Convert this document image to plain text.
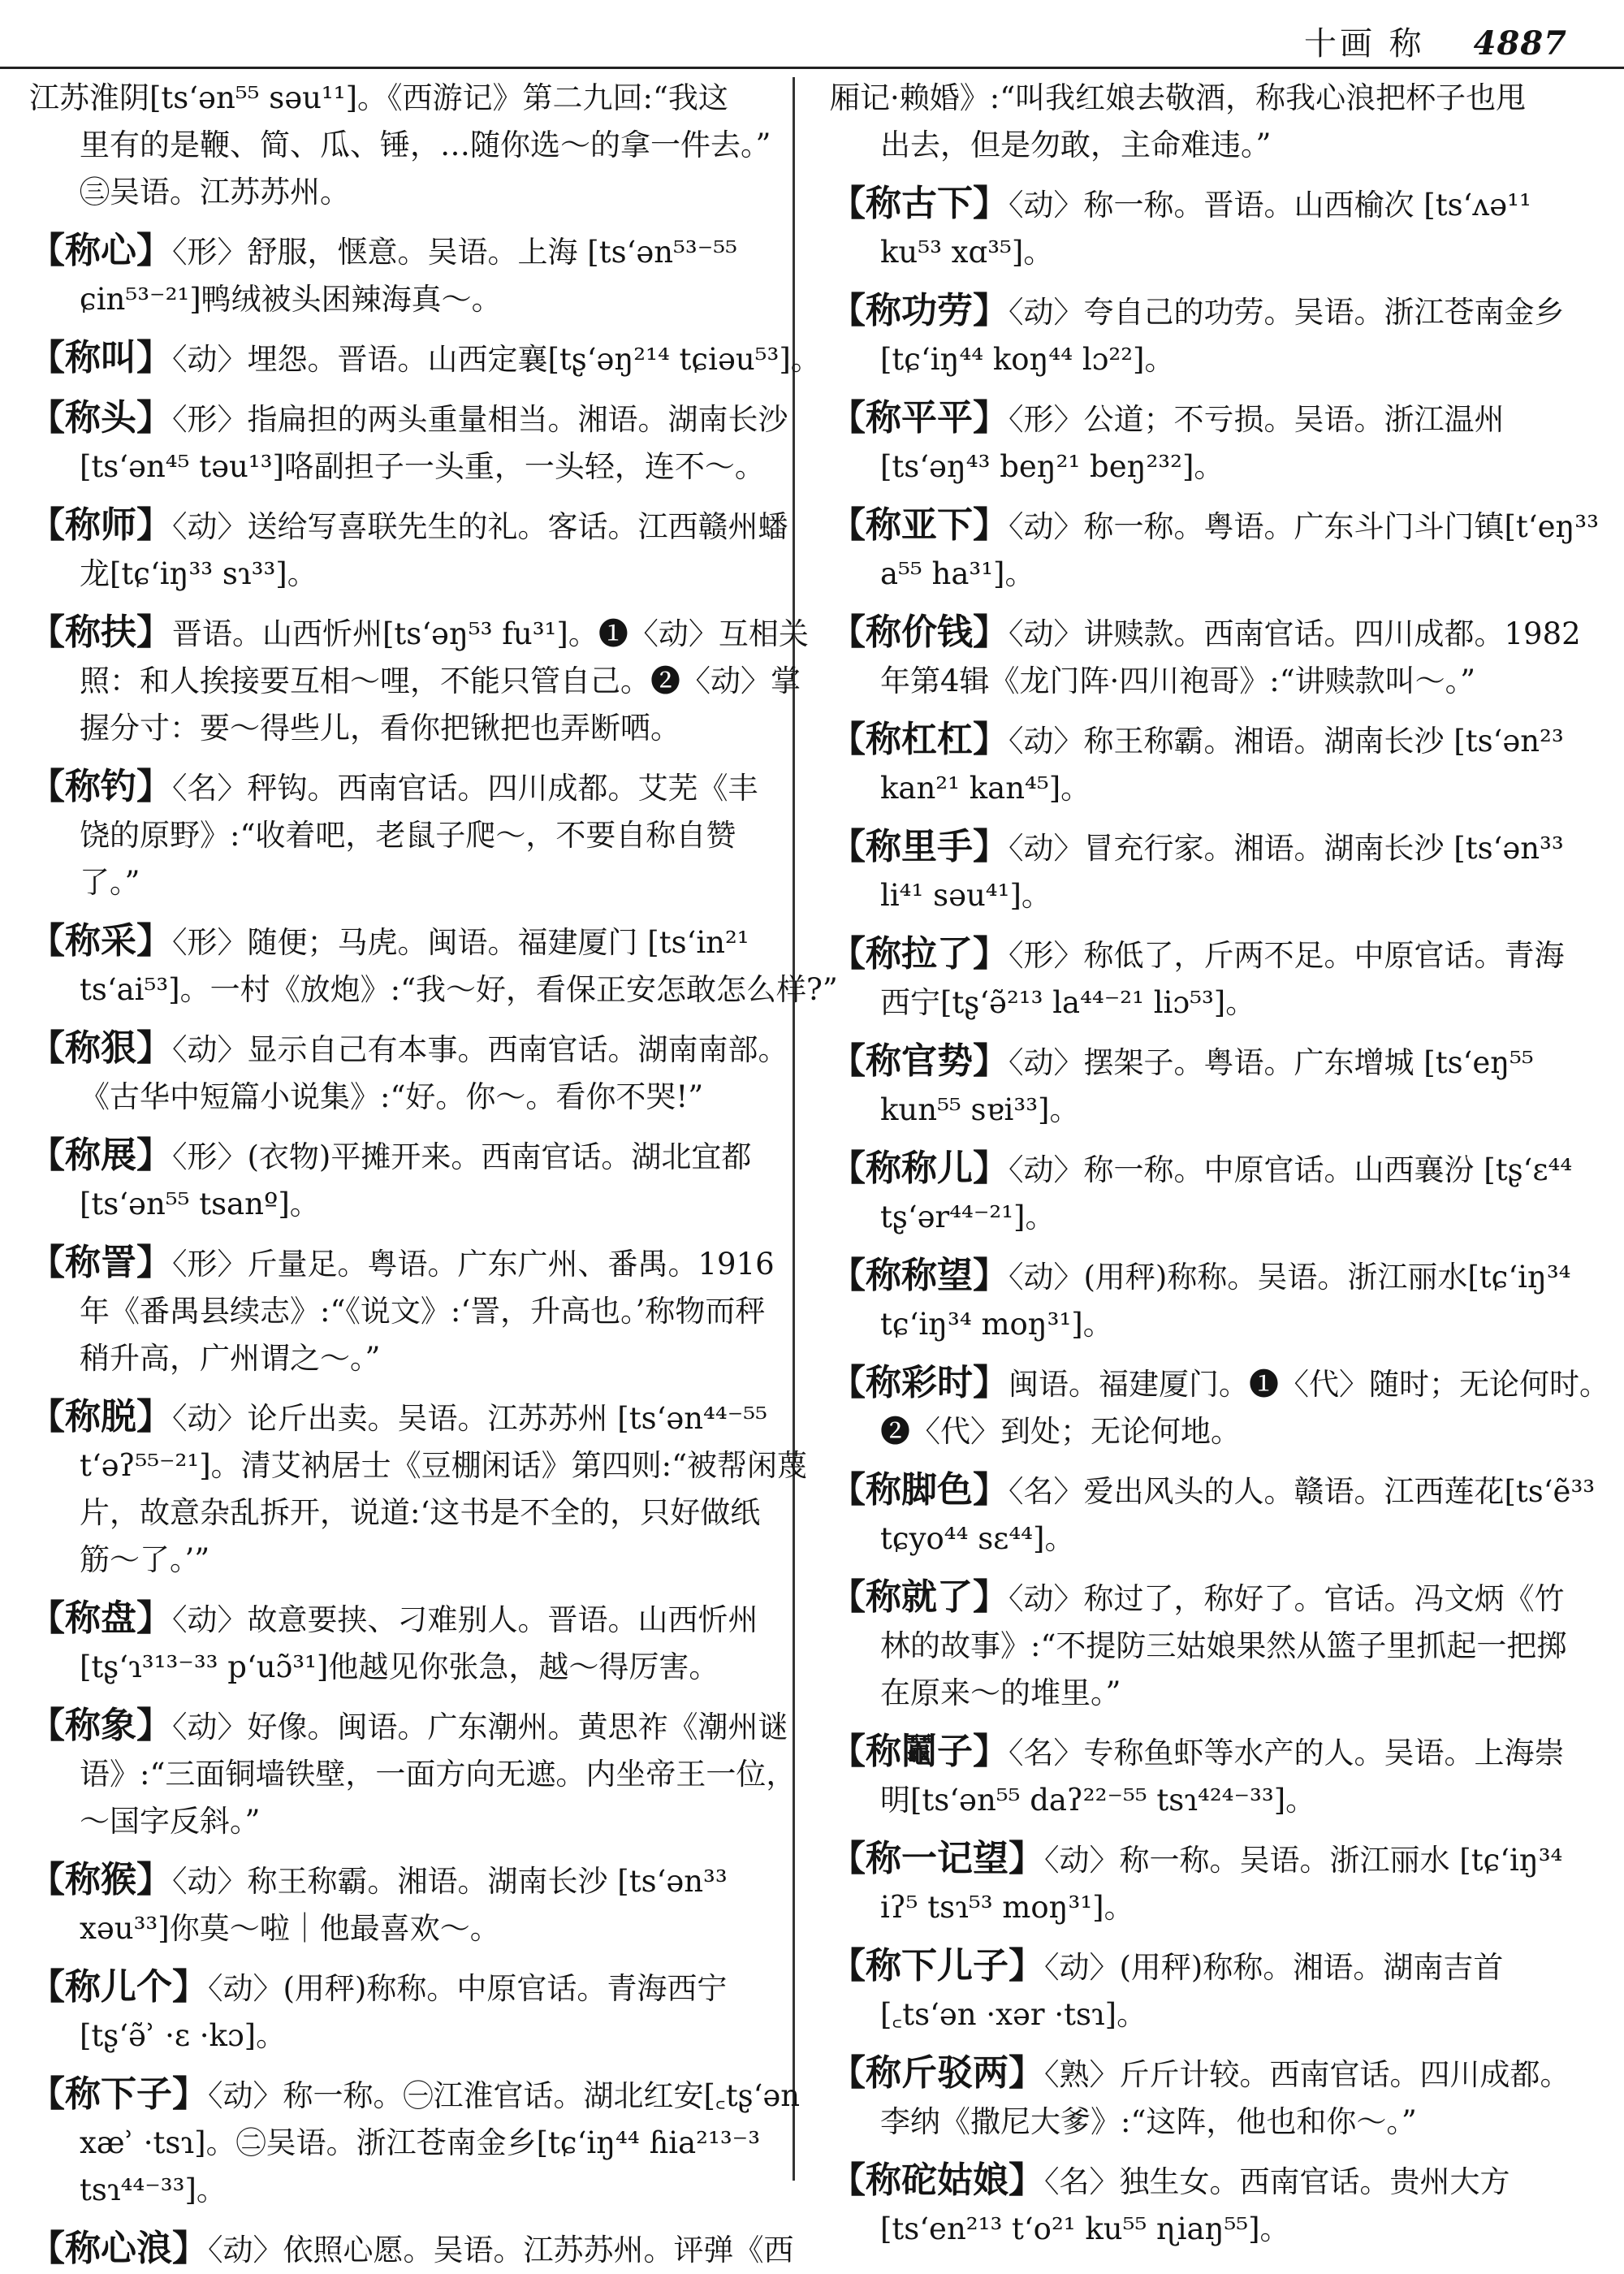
十画 称 4887
江苏淮阴[tsʻən⁵⁵ səu¹¹]。《西游记》第二九回:“我这
里有的是鞭、简、瓜、锤，…随你选～的拿一件去。”
㊂吴语。江苏苏州。
【称心】〈形〉舒服，惬意。吴语。上海 [tsʻən⁵³⁻⁵⁵
ɕin⁵³⁻²¹]鸭绒被头困辣海真～。
【称叫】〈动〉埋怨。晋语。山西定襄[tʂʻəŋ²¹⁴ tɕiəu⁵³]。
【称头】〈形〉指扁担的两头重量相当。湘语。湖南长沙
[tsʻən⁴⁵ təu¹³]咯副担子一头重，一头轻，连不～。
【称师】〈动〉送给写喜联先生的礼。客话。江西赣州蟠
龙[tɕʻiŋ³³ sɿ³³]。
【称扶】晋语。山西忻州[tsʻəŋ⁵³ fu³¹]。❶〈动〉互相关
照：和人挨接要互相～哩，不能只管自己。❷〈动〉掌
握分寸：要～得些儿，看你把锹把也弄断哂。
【称钓】〈名〉秤钩。西南官话。四川成都。艾芜《丰
饶的原野》:“收着吧，老鼠子爬～，不要自称自赞
了。”
【称采】〈形〉随便；马虎。闽语。福建厦门 [tsʻin²¹
tsʻai⁵³]。一村《放炮》:“我～好，看保正安怎敢怎么样?”
【称狠】〈动〉显示自己有本事。西南官话。湖南南部。
《古华中短篇小说集》:“好。你～。看你不哭!”
【称展】〈形〉(衣物)平摊开来。西南官话。湖北宜都
[tsʻən⁵⁵ tsanº]。
【称詈】〈形〉斤量足。粤语。广东广州、番禺。1916
年《番禺县续志》:“《说文》:‘詈，升高也。’称物而秤
稍升高，广州谓之～。”
【称脱】〈动〉论斤出卖。吴语。江苏苏州 [tsʻən⁴⁴⁻⁵⁵
tʻəʔ⁵⁵⁻²¹]。清艾衲居士《豆棚闲话》第四则:“被帮闲蔑
片，故意杂乱拆开，说道:‘这书是不全的，只好做纸
筋～了。’”
【称盘】〈动〉故意要挟、刁难别人。晋语。山西忻州
[tʂʻɿ³¹³⁻³³ pʻuɔ̃³¹]他越见你张急，越～得厉害。
【称象】〈动〉好像。闽语。广东潮州。黄思祚《潮州谜
语》:“三面铜墙铁壁，一面方向无遮。内坐帝王一位，
～国字反斜。”
【称猴】〈动〉称王称霸。湘语。湖南长沙 [tsʻən³³
xəu³³]你莫～啦｜他最喜欢～。
【称儿个】〈动〉(用秤)称称。中原官话。青海西宁
[tʂʻə̃ʾ ·ɛ ·kɔ]。
【称下子】〈动〉称一称。㊀江淮官话。湖北红安[꜀tʂʻən
xæʾ ·tsɿ]。㊁吴语。浙江苍南金乡[tɕʻiŋ⁴⁴ ɦia²¹³⁻³
tsɿ⁴⁴⁻³³]。
【称心浪】〈动〉依照心愿。吴语。江苏苏州。评弹《西
厢记·赖婚》:“叫我红娘去敬酒，称我心浪把杯子也甩
出去，但是勿敢，主命难违。”
【称古下】〈动〉称一称。晋语。山西榆次 [tsʻʌə¹¹
ku⁵³ xɑ³⁵]。
【称功劳】〈动〉夸自己的功劳。吴语。浙江苍南金乡
[tɕʻiŋ⁴⁴ koŋ⁴⁴ lɔ²²]。
【称平平】〈形〉公道；不亏损。吴语。浙江温州
[tsʻəŋ⁴³ beŋ²¹ beŋ²³²]。
【称亚下】〈动〉称一称。粤语。广东斗门斗门镇[tʻeŋ³³
a⁵⁵ ha³¹]。
【称价钱】〈动〉讲赎款。西南官话。四川成都。1982
年第4辑《龙门阵·四川袍哥》:“讲赎款叫～。”
【称杠杠】〈动〉称王称霸。湘语。湖南长沙 [tsʻən²³
kan²¹ kan⁴⁵]。
【称里手】〈动〉冒充行家。湘语。湖南长沙 [tsʻən³³
li⁴¹ səu⁴¹]。
【称拉了】〈形〉称低了，斤两不足。中原官话。青海
西宁[tʂʻə̃²¹³ la⁴⁴⁻²¹ liɔ⁵³]。
【称官势】〈动〉摆架子。粤语。广东增城 [tsʻeŋ⁵⁵
kun⁵⁵ sɐi³³]。
【称称儿】〈动〉称一称。中原官话。山西襄汾 [tʂʻɛ⁴⁴
tʂʻər⁴⁴⁻²¹]。
【称称望】〈动〉(用秤)称称。吴语。浙江丽水[tɕʻiŋ³⁴
tɕʻiŋ³⁴ moŋ³¹]。
【称彩时】闽语。福建厦门。❶〈代〉随时；无论何时。
❷〈代〉到处；无论何地。
【称脚色】〈名〉爱出风头的人。赣语。江西莲花[tsʻẽ³³
tɕyo⁴⁴ sɛ⁴⁴]。
【称就了】〈动〉称过了，称好了。官话。冯文炳《竹
林的故事》:“不提防三姑娘果然从篮子里抓起一把掷
在原来～的堆里。”
【称鬮子】〈名〉专称鱼虾等水产的人。吴语。上海崇
明[tsʻən⁵⁵ daʔ²²⁻⁵⁵ tsɿ⁴²⁴⁻³³]。
【称一记望】〈动〉称一称。吴语。浙江丽水 [tɕʻiŋ³⁴
iʔ⁵ tsɿ⁵³ moŋ³¹]。
【称下儿子】〈动〉(用秤)称称。湘语。湖南吉首
[꜀tsʻən ·xər ·tsɿ]。
【称斤驳两】〈熟〉斤斤计较。西南官话。四川成都。
李纳《撒尼大爹》:“这阵，他也和你～。”
【称砣姑娘】〈名〉独生女。西南官话。贵州大方
[tsʻen²¹³ tʻo²¹ ku⁵⁵ ɳiaŋ⁵⁵]。
